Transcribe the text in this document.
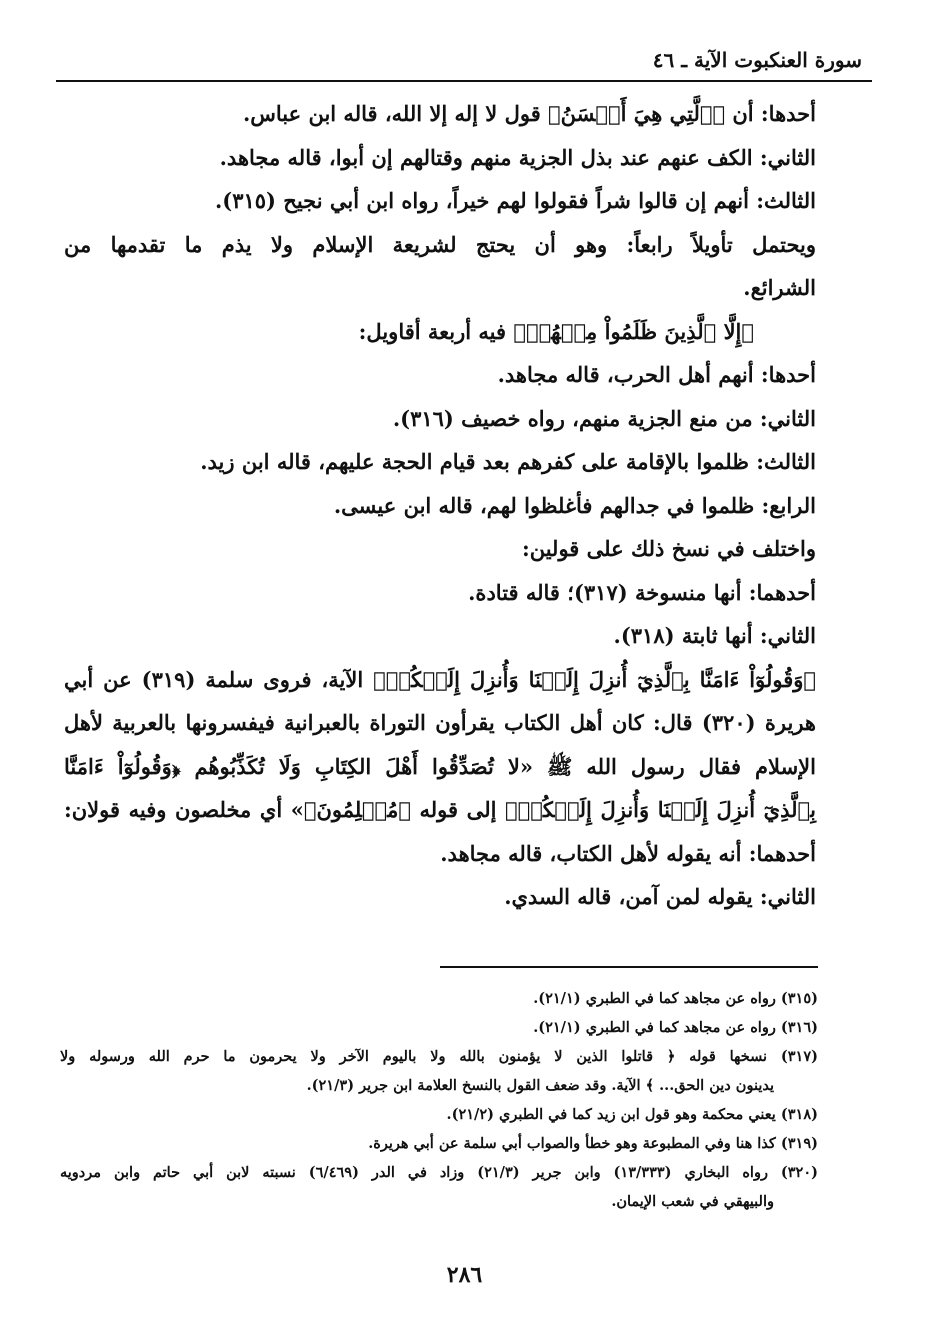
سورة العنكبوت الآية ـ ٤٦
أحدها: أن ﴿ٱلَّتِي هِيَ أَحۡسَنُ﴾ قول لا إله إلا الله، قاله ابن عباس.
الثاني: الكف عنهم عند بذل الجزية منهم وقتالهم إن أبوا، قاله مجاهد.
الثالث: أنهم إن قالوا شراً فقولوا لهم خيراً، رواه ابن أبي نجيح (٣١٥).
ويحتمل تأويلاً رابعاً: وهو أن يحتج لشريعة الإسلام ولا يذم ما تقدمها من
الشرائع.
﴿إِلَّا ٱلَّذِينَ ظَلَمُواْ مِنۡهُمۡ﴾ فيه أربعة أقاويل:
أحدها: أنهم أهل الحرب، قاله مجاهد.
الثاني: من منع الجزية منهم، رواه خصيف (٣١٦).
الثالث: ظلموا بالإقامة على كفرهم بعد قيام الحجة عليهم، قاله ابن زيد.
الرابع: ظلموا في جدالهم فأغلظوا لهم، قاله ابن عيسى.
واختلف في نسخ ذلك على قولين:
أحدهما: أنها منسوخة (٣١٧)؛ قاله قتادة.
الثاني: أنها ثابتة (٣١٨).
﴿وَقُولُوٓاْ ءَامَنَّا بِٱلَّذِيٓ أُنزِلَ إِلَيۡنَا وَأُنزِلَ إِلَيۡكُمۡ﴾ الآية، فروى سلمة (٣١٩) عن أبي
هريرة (٣٢٠) قال: كان أهل الكتاب يقرأون التوراة بالعبرانية فيفسرونها بالعربية لأهل
الإسلام فقال رسول الله ﷺ «لا تُصَدِّقُوا أَهْلَ الكِتَابِ وَلَا تُكَذِّبُوهُم ﴿وَقُولُوٓاْ ءَامَنَّا
بِٱلَّذِيٓ أُنزِلَ إِلَيۡنَا وَأُنزِلَ إِلَيۡكُمۡ﴾ إلى قوله ﴿مُسۡلِمُونَ﴾» أي مخلصون وفيه قولان:
أحدهما: أنه يقوله لأهل الكتاب، قاله مجاهد.
الثاني: يقوله لمن آمن، قاله السدي.
(٣١٥) رواه عن مجاهد كما في الطبري (٢١/١).
(٣١٦) رواه عن مجاهد كما في الطبري (٢١/١).
(٣١٧) نسخها قوله ﴿ قاتلوا الذين لا يؤمنون بالله ولا باليوم الآخر ولا يحرمون ما حرم الله ورسوله ولا
يدينون دين الحق... ﴾ الآية. وقد ضعف القول بالنسخ العلامة ابن جرير (٢١/٣).
(٣١٨) يعني محكمة وهو قول ابن زيد كما في الطبري (٢١/٢).
(٣١٩) كذا هنا وفي المطبوعة وهو خطأ والصواب أبي سلمة عن أبي هريرة.
(٣٢٠) رواه البخاري (١٣/٣٣٣) وابن جرير (٢١/٣) وزاد في الدر (٦/٤٦٩) نسبته لابن أبي حاتم وابن مردويه
والبيهقي في شعب الإيمان.
٢٨٦
